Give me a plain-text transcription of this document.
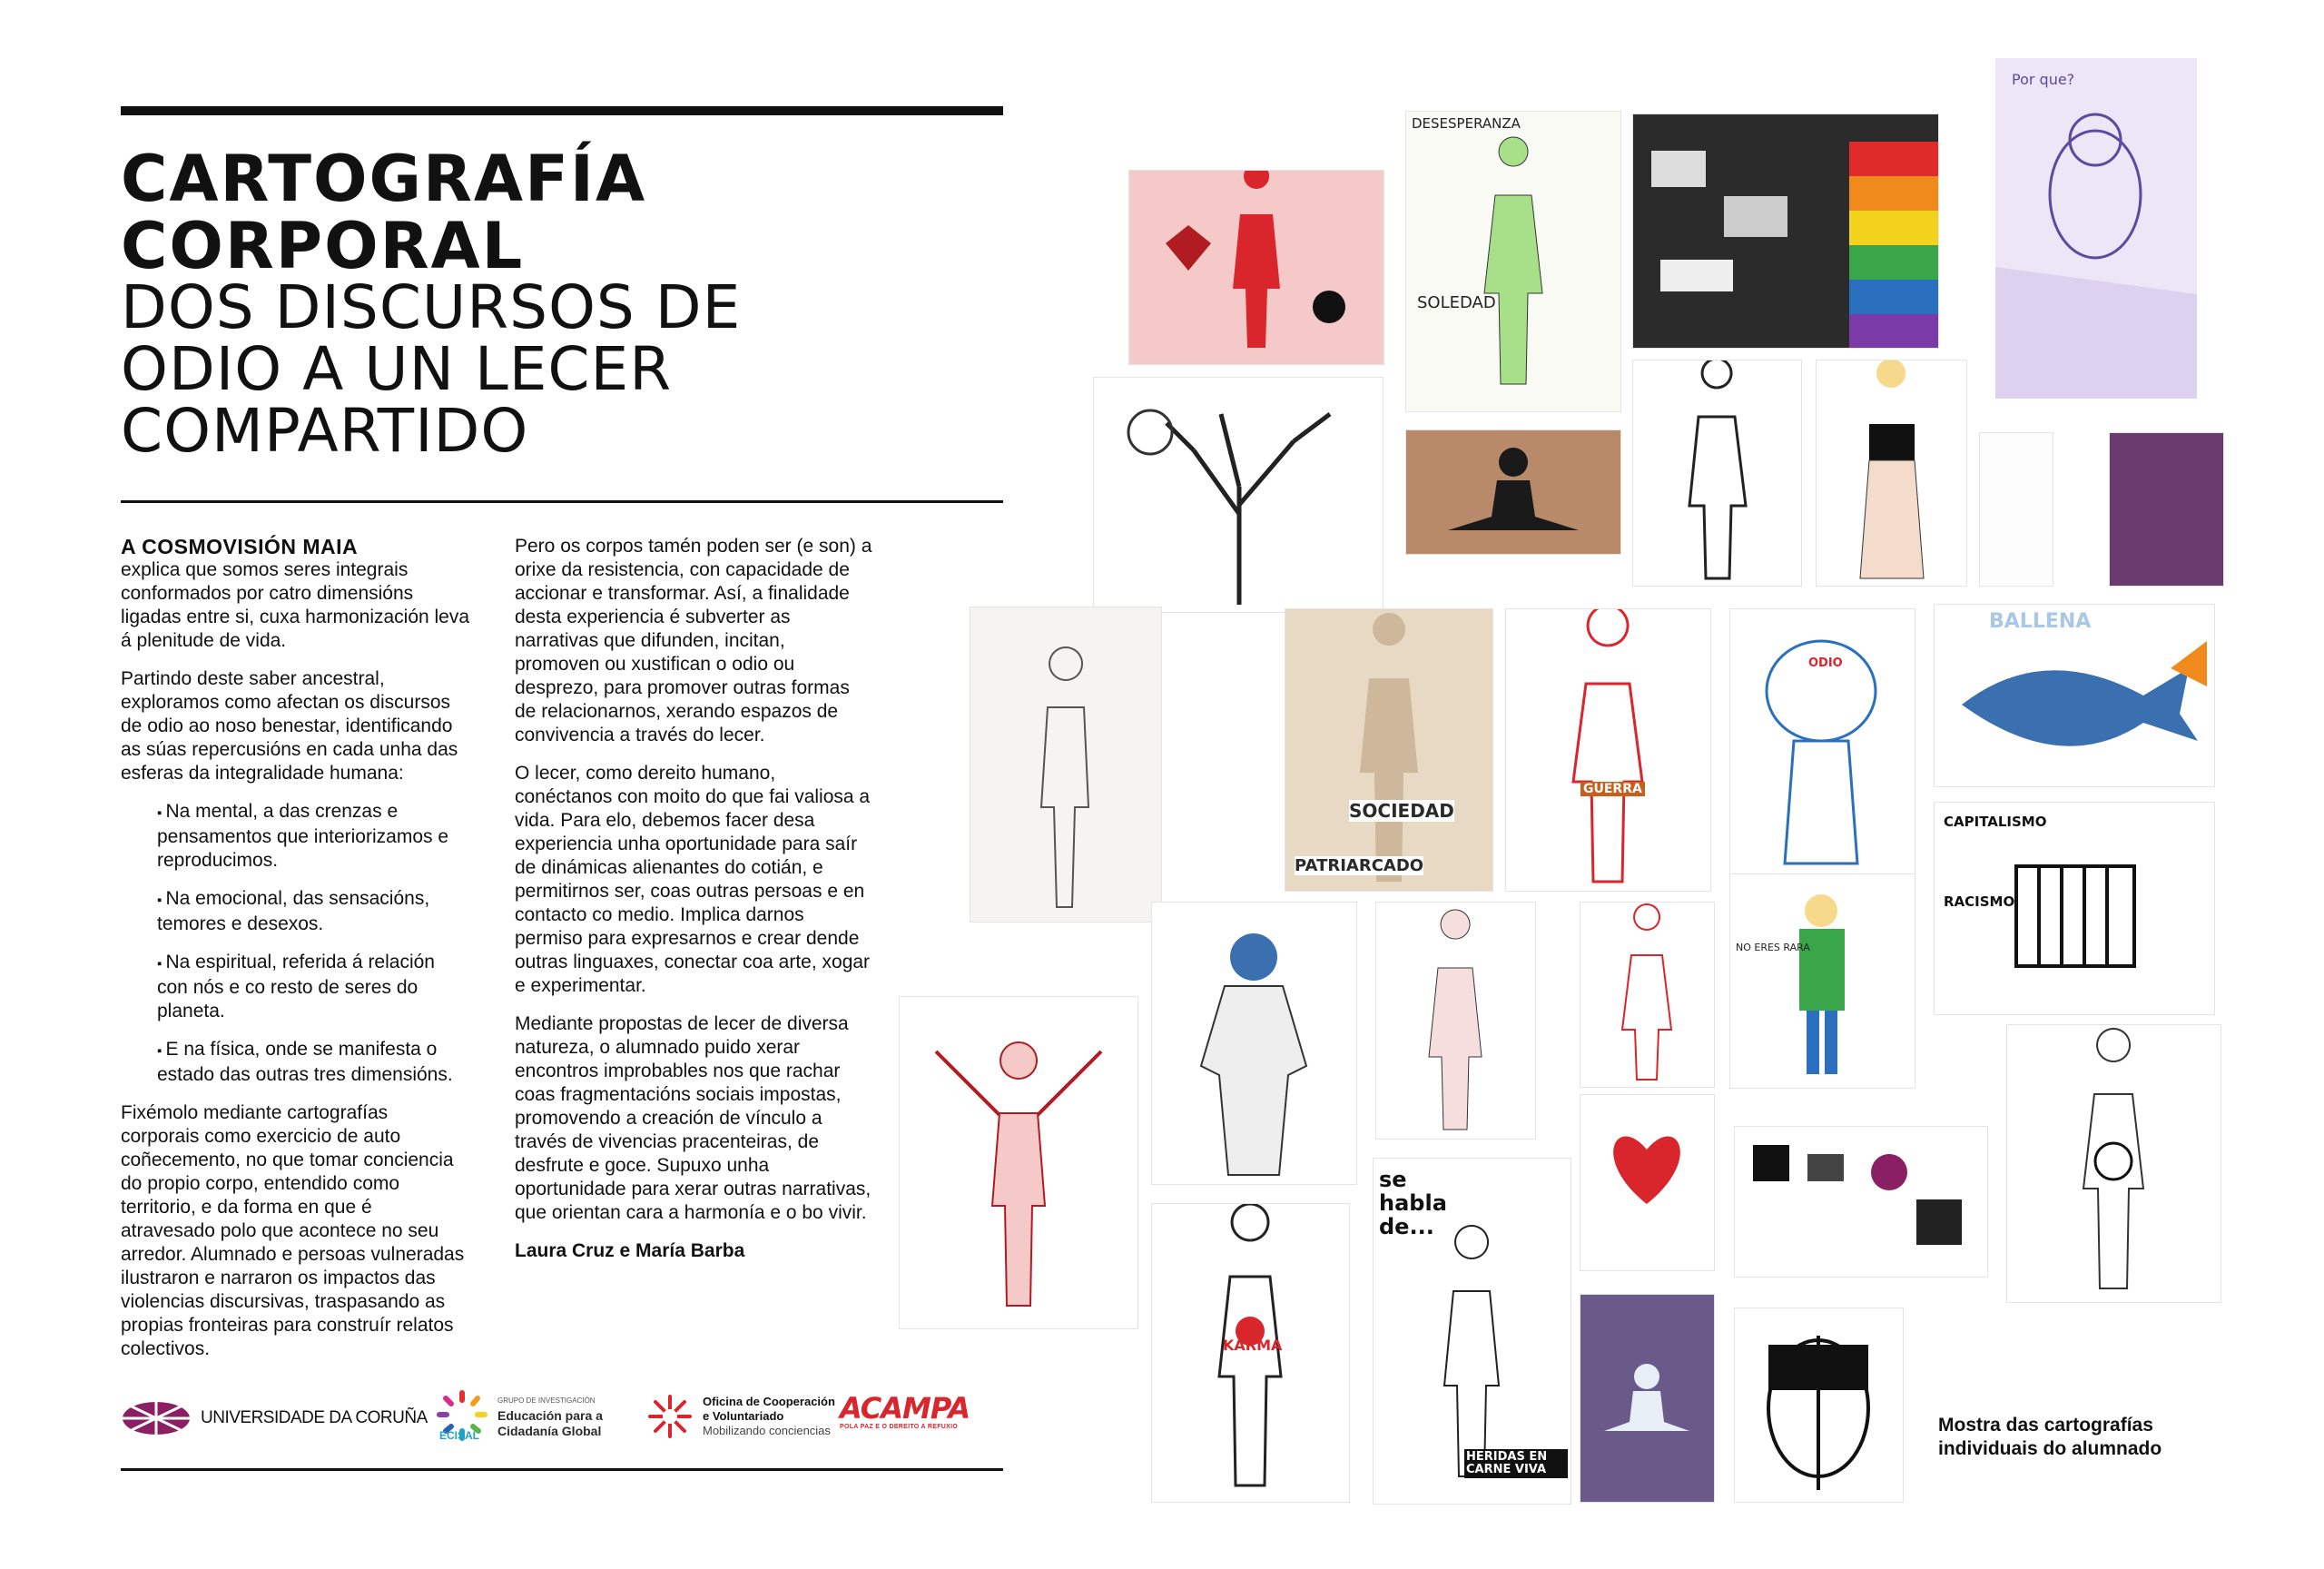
CARTOGRAFÍA
CORPORAL
DOS DISCURSOS DE
ODIO A UN LECER
COMPARTIDO

A COSMOVISIÓN MAIA
explica que somos seres integrais conformados por catro dimensións ligadas entre si, cuxa harmonización leva á plenitude de vida.

Partindo deste saber ancestral, exploramos como afectan os discursos de odio ao noso benestar, identificando as súas repercusións en cada unha das esferas da integralidade humana:

▪ Na mental, a das crenzas e pensamentos que interiorizamos e reproducimos.
▪ Na emocional, das sensacións, temores e desexos.
▪ Na espiritual, referida á relación con nós e co resto de seres do planeta.
▪ E na física, onde se manifesta o estado das outras tres dimensións.

Fixémolo mediante cartografías corporais como exercicio de auto coñecemento, no que tomar conciencia do propio corpo, entendido como territorio, e da forma en que é atravesado polo que acontece no seu arredor. Alumnado e persoas vulneradas ilustraron e narraron os impactos das violencias discursivas, traspasando as propias fronteiras para construír relatos colectivos.

Pero os corpos tamén poden ser (e son) a orixe da resistencia, con capacidade de accionar e transformar. Así, a finalidade desta experiencia é subverter as narrativas que difunden, incitan, promoven ou xustifican o odio ou desprezo, para promover outras formas de relacionarnos, xerando espazos de convivencia a través do lecer.

O lecer, como dereito humano, conéctanos con moito do que fai valiosa a vida. Para elo, debemos facer desa experiencia unha oportunidade para saír de dinámicas alienantes do cotián, e permitirnos ser, coas outras persoas e en contacto co medio. Implica darnos permiso para expresarnos e crear dende outras linguaxes, conectar coa arte, xogar e experimentar.

Mediante propostas de lecer de diversa natureza, o alumnado puido xerar encontros improbables nos que rachar coas fragmentacións sociais impostas, promovendo a creación de vínculo a través de vivencias pracenteiras, de desfrute e goce. Supuxo unha oportunidade para xerar outras narrativas, que orientan cara a harmonía e o bo vivir.

Laura Cruz e María Barba

UNIVERSIDADE DA CORUÑA
GRUPO DE INVESTIGACIÓN
Educación para a
Cidadanía Global
ECISAL
Oficina de Cooperación
e Voluntariado
Mobilizando conciencias
ACAMPA
POLA PAZ E O DEREITO A REFUXIO	Mostra das cartografías
individuais do alumnado
DESESPERANZA
SOLEDAD
Por que?
SOCIEDAD
PATRIARCADO
GUERRA
ODIO
BALLENA
CAPITALISMO
RACISMO
NO ERES RARA
KARMA
se habla de...
HERIDAS EN CARNE VIVA
